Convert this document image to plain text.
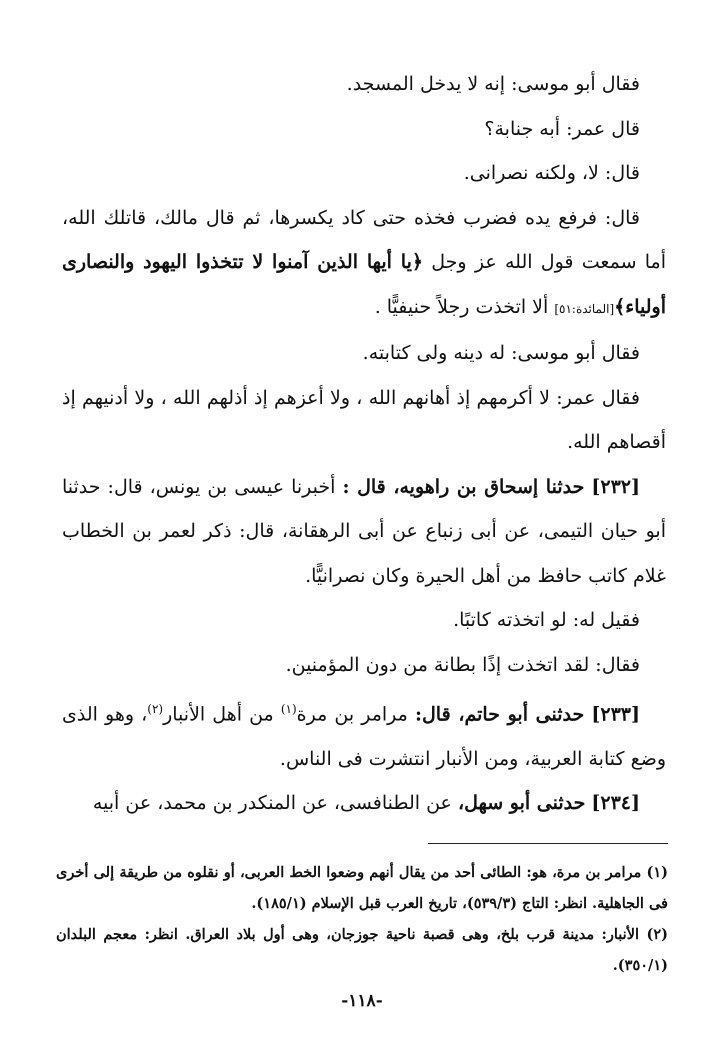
فقال أبو موسى: إنه لا يدخل المسجد.

قال عمر: أبه جنابة؟

قال: لا، ولكنه نصرانى.

قال: فرفع يده فضرب فخذه حتى كاد يكسرها، ثم قال مالك، قاتلك الله، أما سمعت قول الله عز وجل ﴿يا أيها الذين آمنوا لا تتخذوا اليهود والنصارى أولياء﴾[المائدة:٥١] ألا اتخذت رجلاً حنيفيًّا .

فقال أبو موسى: له دينه ولى كتابته.

فقال عمر: لا أكرمهم إذ أهانهم الله ، ولا أعزهم إذ أذلهم الله ، ولا أدنيهم إذ أقصاهم الله.

[٢٣٢] حدثنا إسحاق بن راهويه، قال : أخبرنا عيسى بن يونس، قال: حدثنا أبو حيان التيمى، عن أبى زنباع عن أبى الرهقانة، قال: ذكر لعمر بن الخطاب غلام كاتب حافظ من أهل الحيرة وكان نصرانيًّا.

فقيل له: لو اتخذته كاتبًا.

فقال: لقد اتخذت إذًا بطانة من دون المؤمنين.

[٢٣٣] حدثنى أبو حاتم، قال: مرامر بن مرة$^{(١)}$ من أهل الأنبار$^{(٢)}$، وهو الذى وضع كتابة العربية، ومن الأنبار انتشرت فى الناس.

[٢٣٤] حدثنى أبو سهل، عن الطنافسى، عن المنكدر بن محمد، عن أبيه

(١) مرامر بن مرة، هو: الطائى أحد من يقال أنهم وضعوا الخط العربى، أو نقلوه من طريقة إلى أخرى فى الجاهلية. انظر: التاج (٥٣٩/٣)، تاريخ العرب قبل الإسلام (١٨٥/١).

(٢) الأنبار: مدينة قرب بلخ، وهى قصبة ناحية جوزجان، وهى أول بلاد العراق. انظر: معجم البلدان (٣٥٠/١).

-١١٨-
